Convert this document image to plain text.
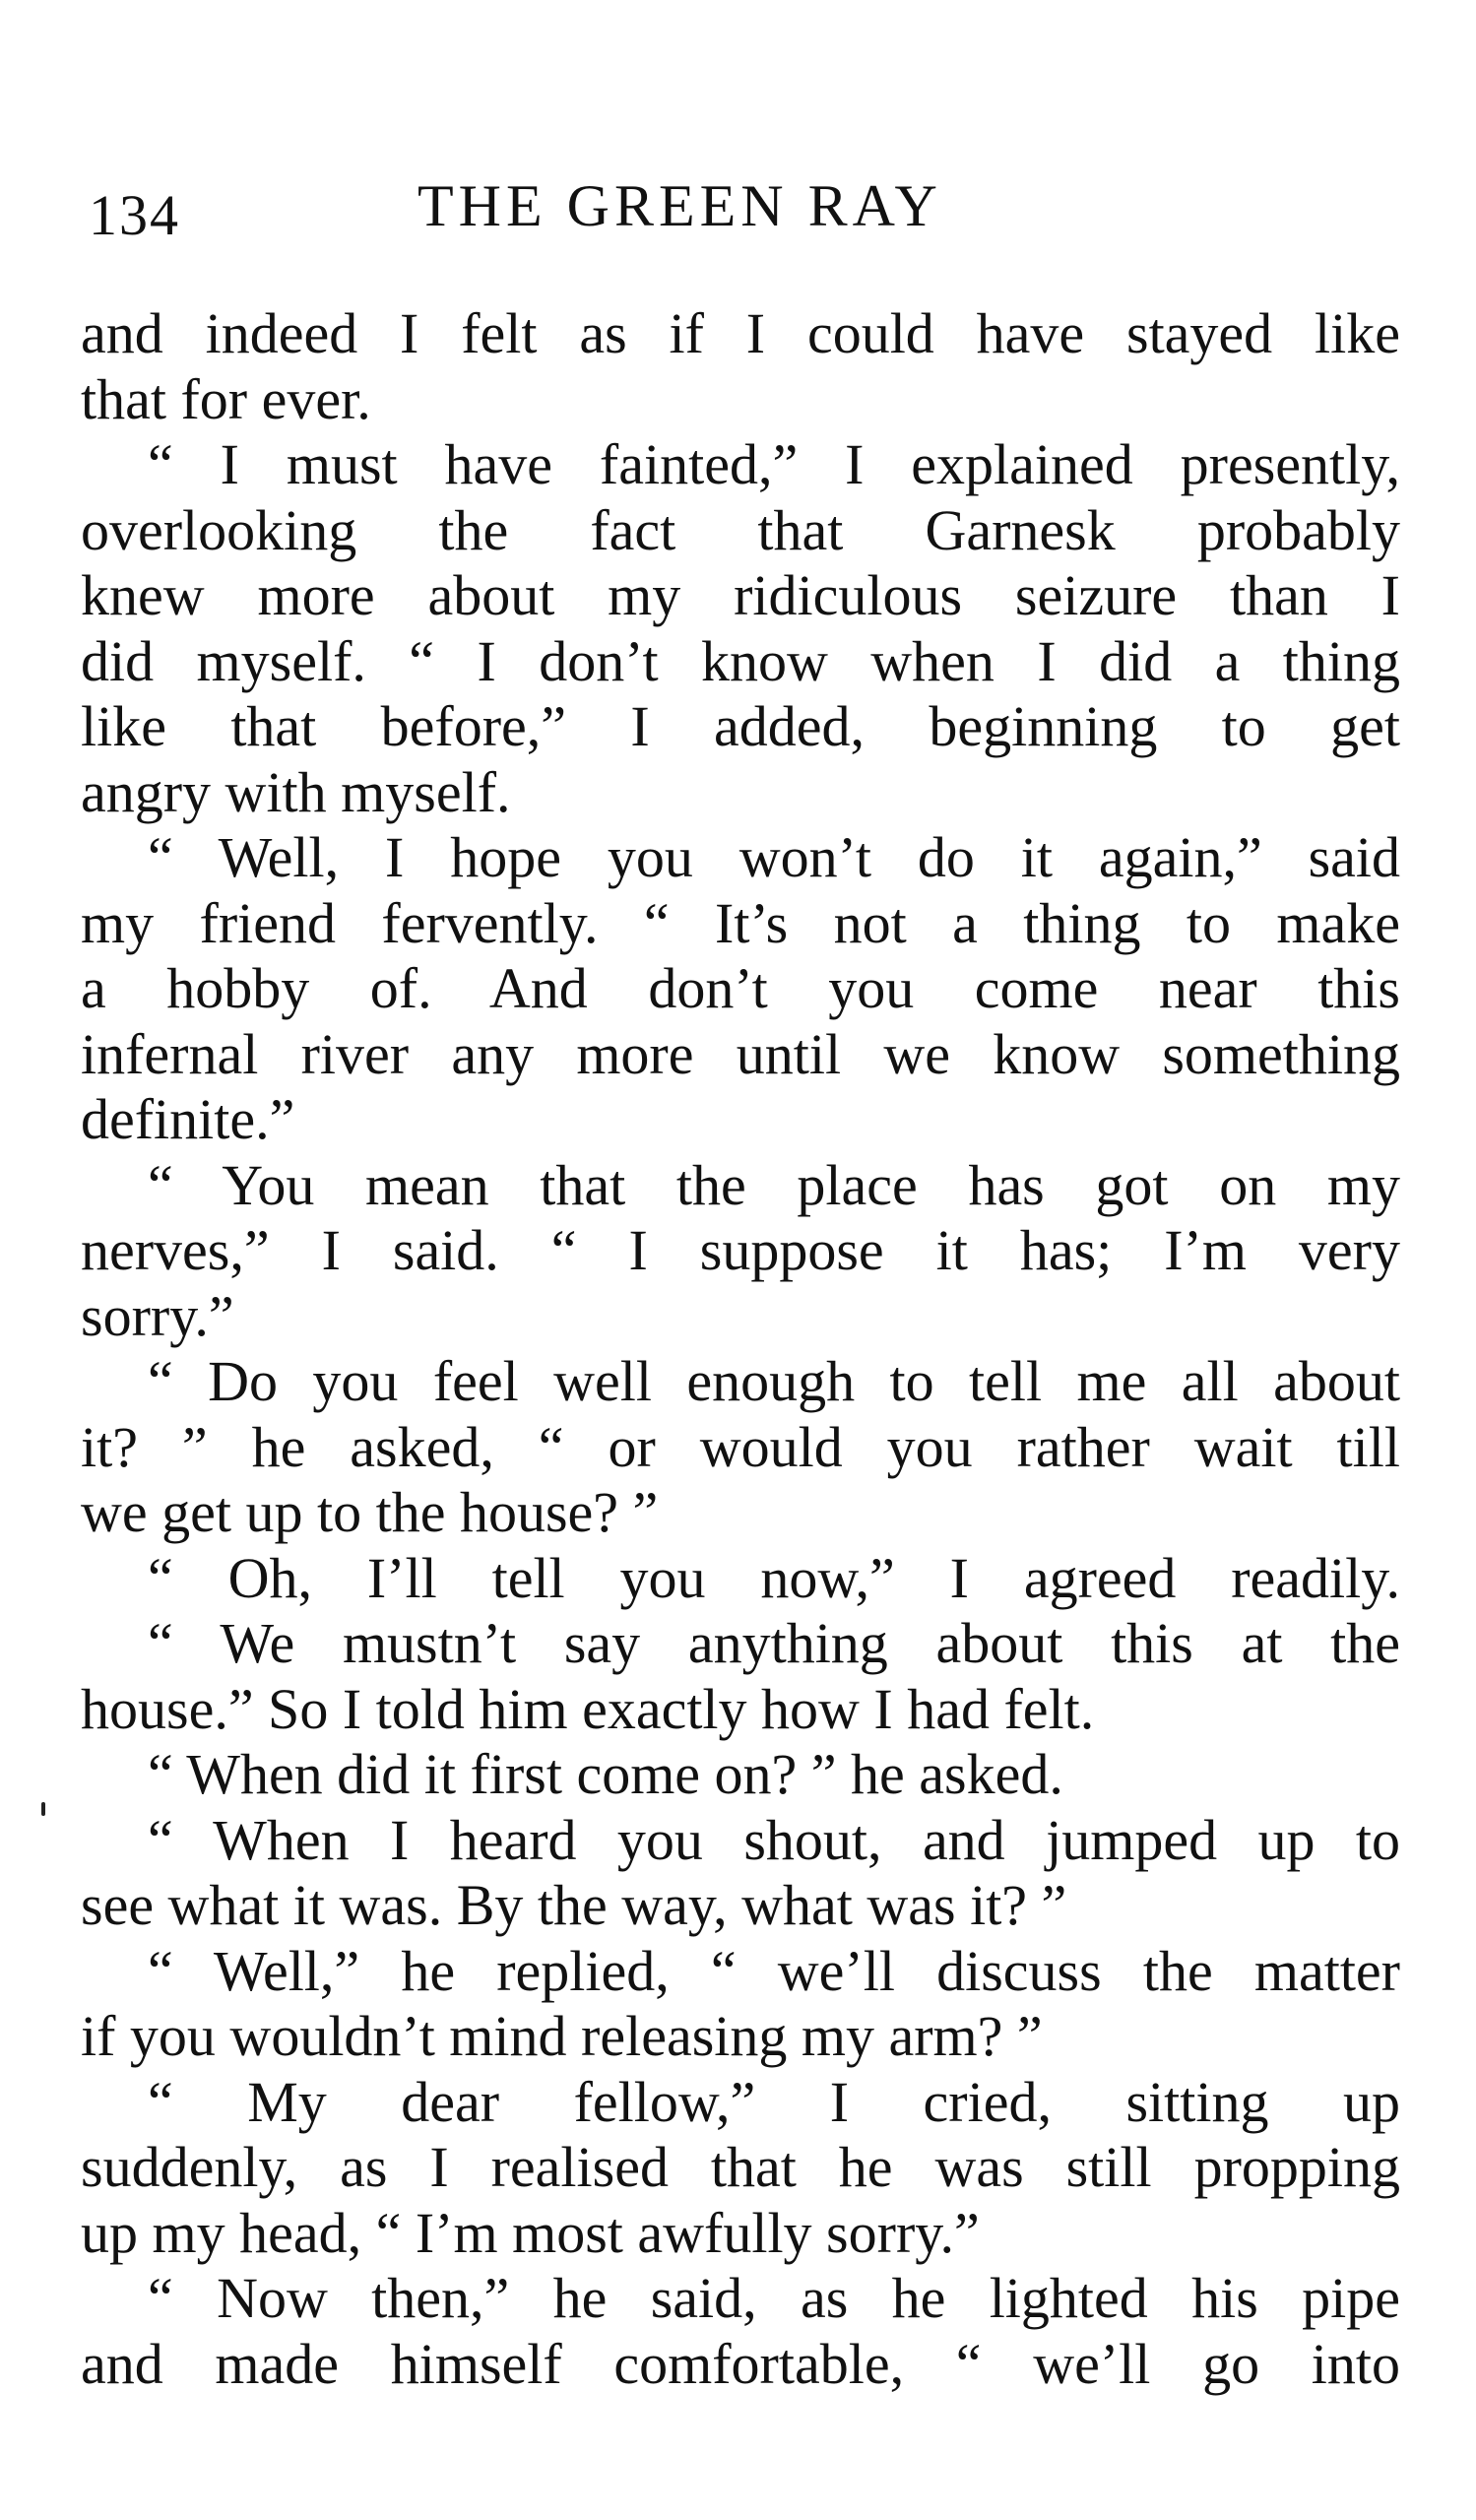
134	THE GREEN RAY
and indeed I felt as if I could have stayed like
that for ever.
“ I must have fainted,” I explained presently,
overlooking the fact that Garnesk probably
knew more about my ridiculous seizure than I
did myself. “ I don’t know when I did a thing
like that before,” I added, beginning to get
angry with myself.
“ Well, I hope you won’t do it again,” said
my friend fervently. “ It’s not a thing to make
a hobby of. And don’t you come near this
infernal river any more until we know something
definite.”
“ You mean that the place has got on my
nerves,” I said. “ I suppose it has; I’m very
sorry.”
“ Do you feel well enough to tell me all about
it? ” he asked, “ or would you rather wait till
we get up to the house? ”
“ Oh, I’ll tell you now,” I agreed readily.
“ We mustn’t say anything about this at the
house.” So I told him exactly how I had felt.
“ When did it first come on? ” he asked.
“ When I heard you shout, and jumped up to
see what it was. By the way, what was it? ”
“ Well,” he replied, “ we’ll discuss the matter
if you wouldn’t mind releasing my arm? ”
“ My dear fellow,” I cried, sitting up
suddenly, as I realised that he was still propping
up my head, “ I’m most awfully sorry.”
“ Now then,” he said, as he lighted his pipe
and made himself comfortable, “ we’ll go into
